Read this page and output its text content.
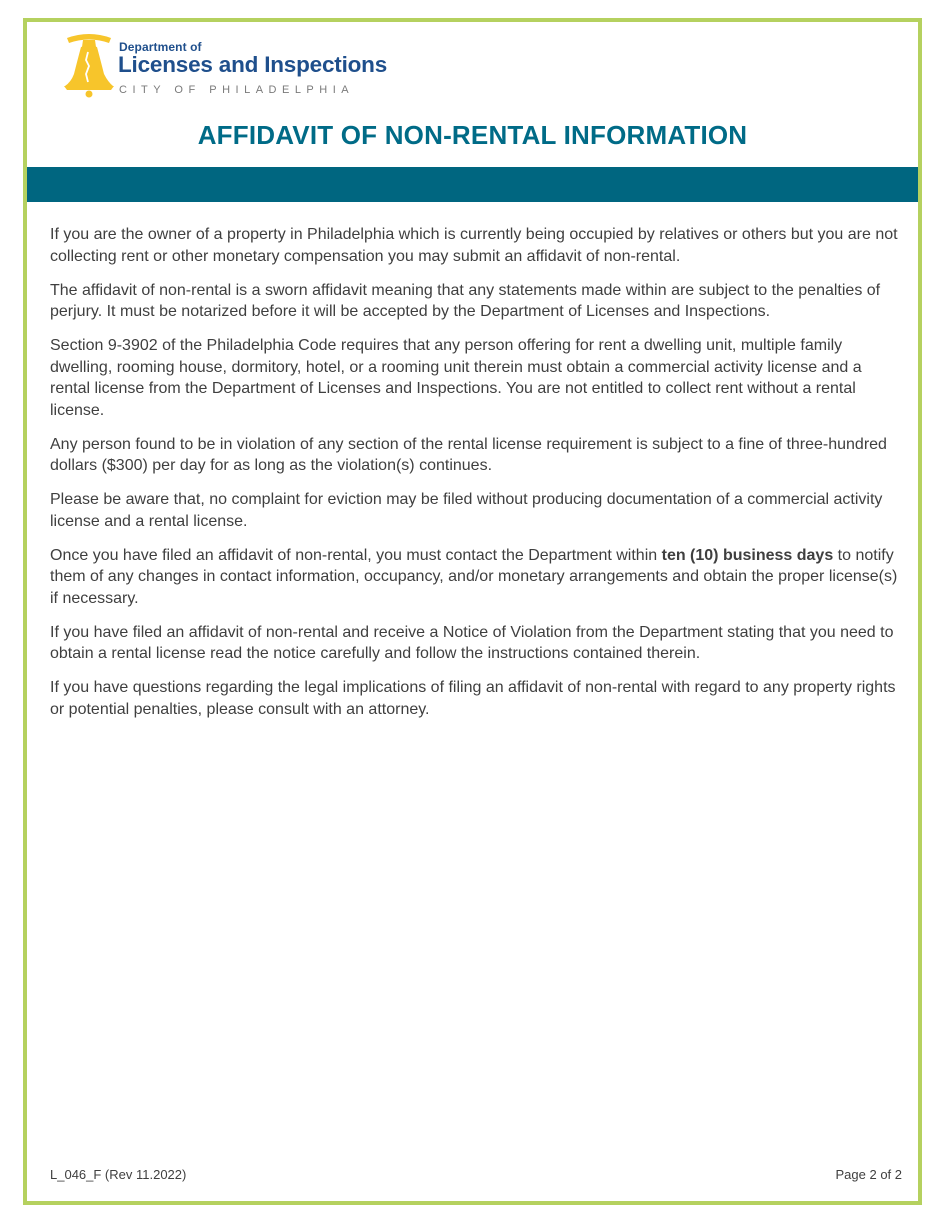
Department of
Licenses and Inspections
CITY OF PHILADELPHIA
AFFIDAVIT OF NON-RENTAL INFORMATION

If you are the owner of a property in Philadelphia which is currently being occupied by relatives or others but you are not collecting rent or other monetary compensation you may submit an affidavit of non-rental.

The affidavit of non-rental is a sworn affidavit meaning that any statements made within are subject to the penalties of perjury. It must be notarized before it will be accepted by the Department of Licenses and Inspections.

Section 9-3902 of the Philadelphia Code requires that any person offering for rent a dwelling unit, multiple family dwelling, rooming house, dormitory, hotel, or a rooming unit therein must obtain a commercial activity license and a rental license from the Department of Licenses and Inspections. You are not entitled to collect rent without a rental license.

Any person found to be in violation of any section of the rental license requirement is subject to a fine of three-hundred dollars ($300) per day for as long as the violation(s) continues.

Please be aware that, no complaint for eviction may be filed without producing documentation of a commercial activity license and a rental license.

Once you have filed an affidavit of non-rental, you must contact the Department within ten (10) business days to notify them of any changes in contact information, occupancy, and/or monetary arrangements and obtain the proper license(s) if necessary.

If you have filed an affidavit of non-rental and receive a Notice of Violation from the Department stating that you need to obtain a rental license read the notice carefully and follow the instructions contained therein.

If you have questions regarding the legal implications of filing an affidavit of non-rental with regard to any property rights or potential penalties, please consult with an attorney.

L_046_F (Rev 11.2022)	Page 2 of 2
